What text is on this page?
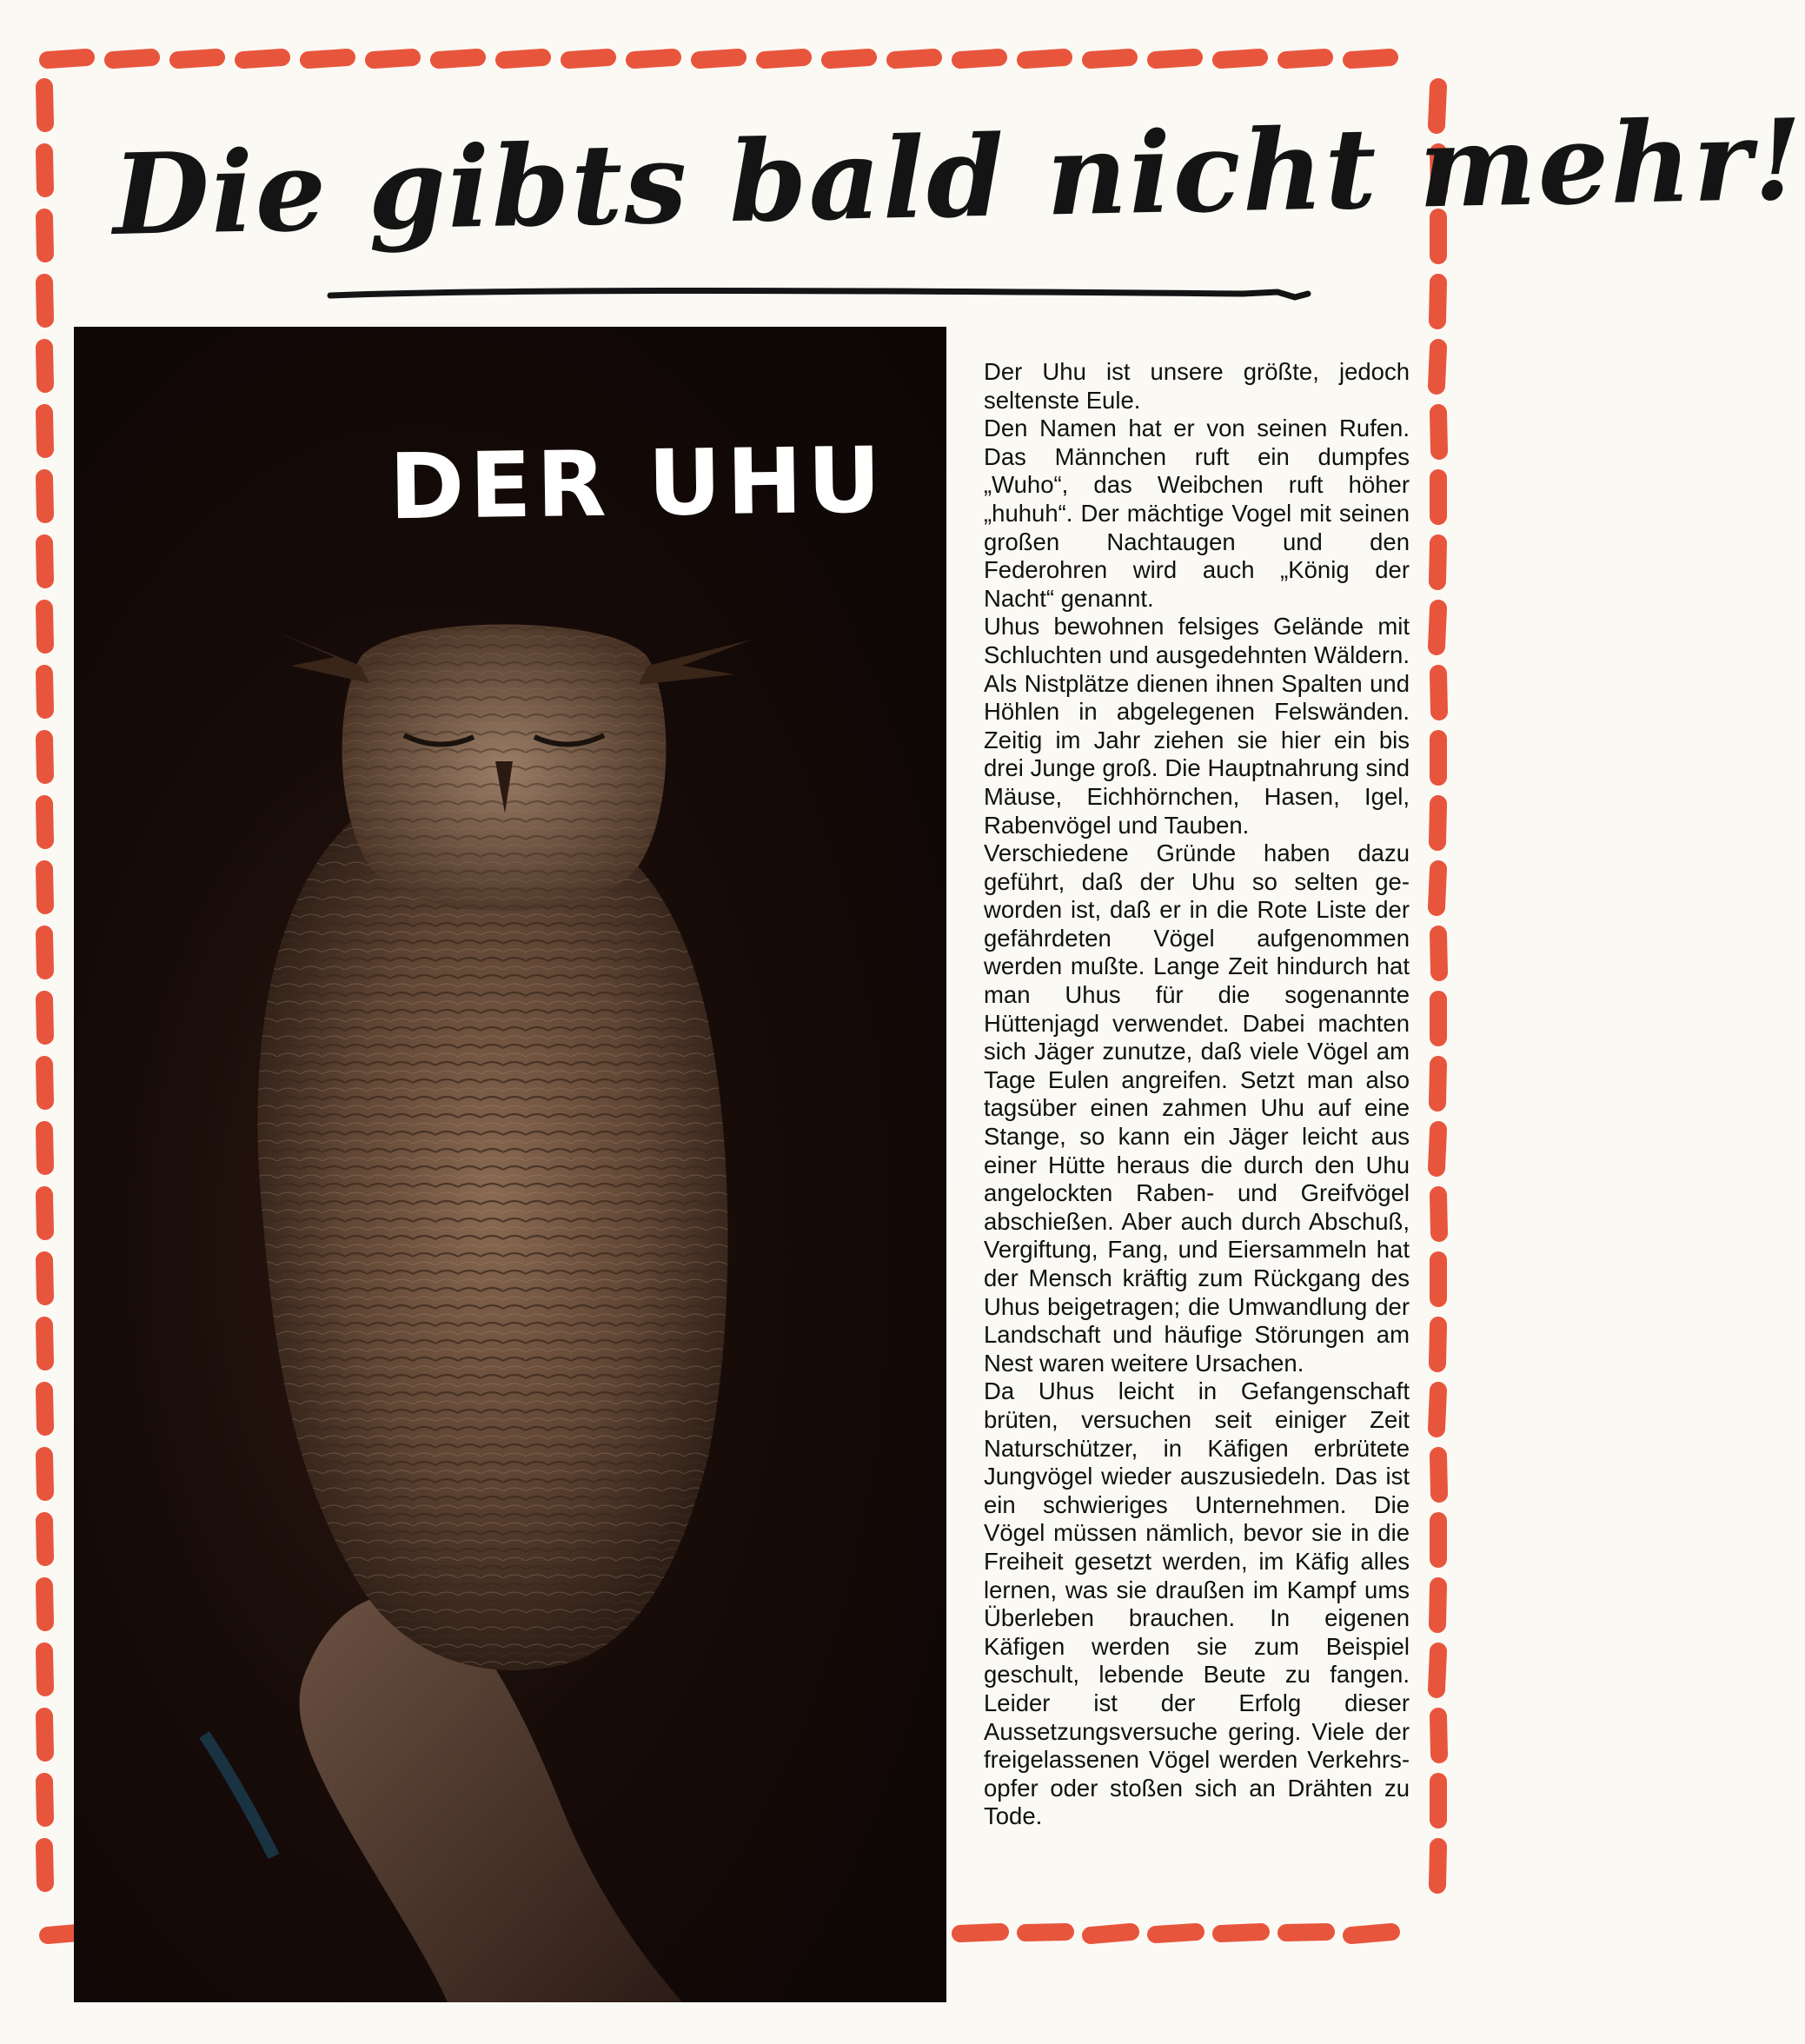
Die gibts bald nicht mehr!
DER UHU

Der Uhu ist unsere größte, jedoch seltenste Eule.

Den Namen hat er von seinen Rufen. Das Männchen ruft ein dumpfes „Wuho“, das Weibchen ruft höher „huhuh“. Der mächtige Vogel mit seinen großen Nachtaugen und den Federohren wird auch „König der Nacht“ genannt.

Uhus bewohnen felsiges Gelände mit Schluchten und ausgedehnten Wäldern. Als Nistplätze dienen ihnen Spalten und Höhlen in abgelegenen Felswänden. Zeitig im Jahr ziehen sie hier ein bis drei Junge groß. Die Hauptnahrung sind Mäuse, Eichhörnchen, Hasen, Igel, Rabenvögel und Tauben.

Verschiedene Gründe haben dazu geführt, daß der Uhu so selten geworden ist, daß er in die Rote Liste der gefährdeten Vögel aufgenommen werden mußte. Lange Zeit hindurch hat man Uhus für die sogenannte Hüttenjagd verwendet. Dabei machten sich Jäger zunutze, daß viele Vögel am Tage Eulen angreifen. Setzt man also tagsüber einen zahmen Uhu auf eine Stange, so kann ein Jäger leicht aus einer Hütte heraus die durch den Uhu angelockten Raben- und Greifvögel abschießen. Aber auch durch Abschuß, Vergiftung, Fang, und Eiersammeln hat der Mensch kräftig zum Rückgang des Uhus beigetragen; die Umwandlung der Landschaft und häufige Störungen am Nest waren weitere Ursachen.

Da Uhus leicht in Gefangenschaft brüten, versuchen seit einiger Zeit Naturschützer, in Käfigen erbrütete Jungvögel wieder auszusiedeln. Das ist ein schwieriges Unternehmen. Die Vögel müssen nämlich, bevor sie in die Freiheit gesetzt werden, im Käfig alles lernen, was sie draußen im Kampf ums Überleben brauchen. In eigenen Käfigen werden sie zum Beispiel geschult, lebende Beute zu fangen. Leider ist der Erfolg dieser Aussetzungsversuche gering. Viele der freigelassenen Vögel werden Verkehrsopfer oder stoßen sich an Drähten zu Tode.
